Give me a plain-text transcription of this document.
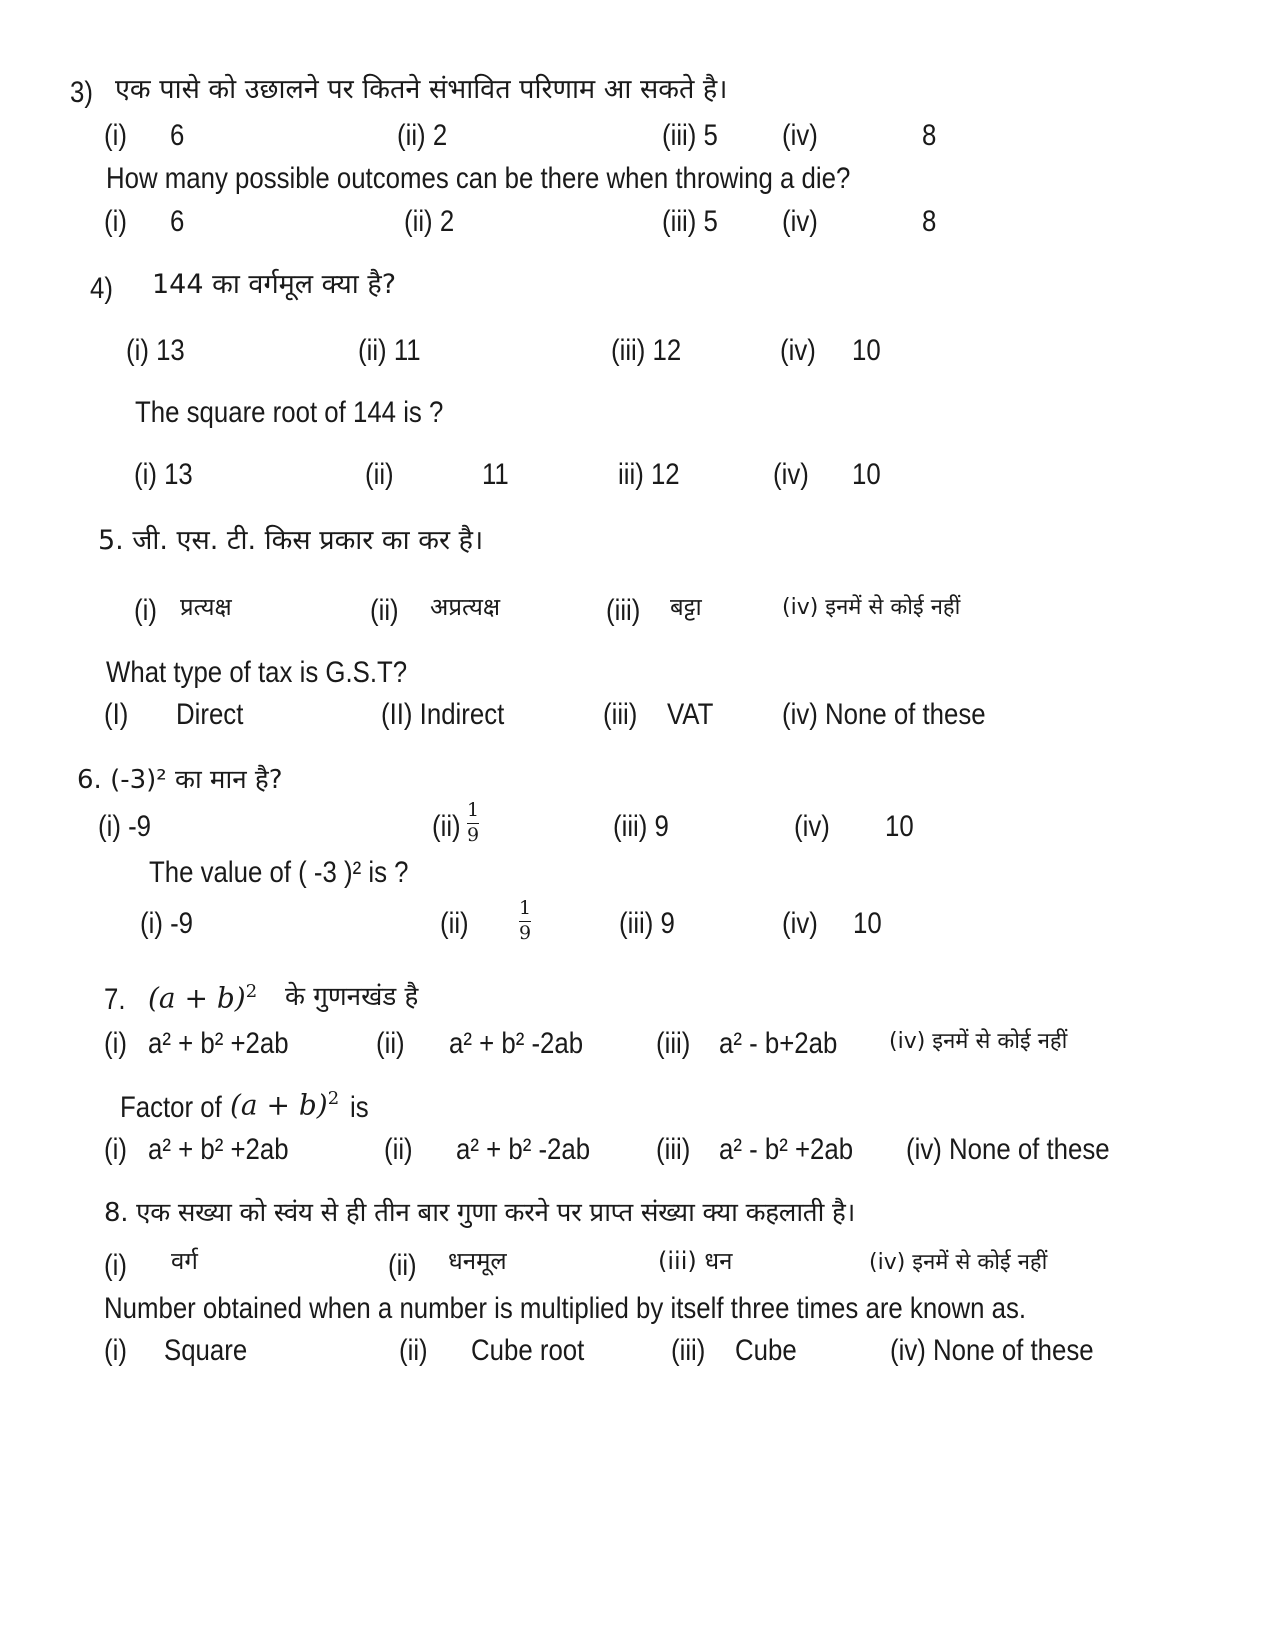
3) एक पासे को उछालने पर कितने संभावित परिणाम आ सकते है।
(i) 6	(ii) 2	(iii) 5 (iv)	8
How many possible outcomes can be there when throwing a die?
(i) 6	(ii) 2	(iii) 5 (iv)	8
4) 144 का वर्गमूल क्या है?
(i) 13	(ii) 11	(iii) 12	(iv) 10
The square root of 144 is ?
(i) 13	(ii)	11	iii) 12	(iv) 10
5. जी. एस. टी. किस प्रकार का कर है।
(i) प्रत्यक्ष	(ii) अप्रत्यक्ष	(iii) बट्टा	(iv) इनमें से कोई नहीं
What type of tax is G.S.T?
(I) Direct	(II) Indirect	(iii) VAT (iv) None of these
6. (-3)² का मान है?
(i) -9	(ii) 1
9	(iii) 9	(iv) 10
The value of ( -3 )² is ?
(i) -9	(ii)	1
9	(iii) 9	(iv) 10
7. $(a + b)^2$ के गुणनखंड है
(i) a² + b² +2ab	(ii) a² + b² -2ab (iii) a² - b+2ab (iv) इनमें से कोई नहीं
Factor of $(a + b)^2$ is
(i) a² + b² +2ab	(ii) a² + b² -2ab (iii) a² - b² +2ab (iv) None of these
8. एक सख्या को स्वंय से ही तीन बार गुणा करने पर प्राप्त संख्या क्या कहलाती है।
(i) वर्ग	(ii) धनमूल	(iii) धन	(iv) इनमें से कोई नहीं
Number obtained when a number is multiplied by itself three times are known as.
(i) Square	(ii) Cube root	(iii) Cube	(iv) None of these
